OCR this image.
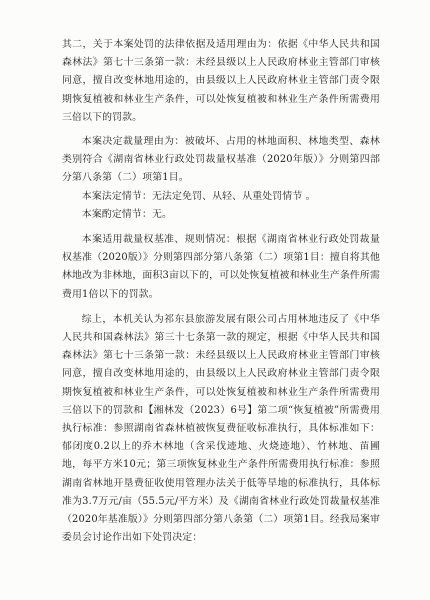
其二，关于本案处罚的法律依据及适用理由为：依据《中华人民共和国森林法》第七十三条第一款：未经县级以上人民政府林业主管部门审核同意，擅自改变林地用途的，由县级以上人民政府林业主管部门责令限期恢复植被和林业生产条件，可以处恢复植被和林业生产条件所需费用三倍以下的罚款。

本案决定裁量理由为：被破坏、占用的林地面积、林地类型、森林类别符合《湖南省林业行政处罚裁量权基准（2020年版）》分则第四部分第八条第（二）项第1目。

本案法定情节：无法定免罚、从轻、从重处罚情节 。

本案酌定情节：无。

本案适用裁量权基准、规则情况：根据《湖南省林业行政处罚裁量权基准（2020版）》分则第四部分第八条第（二）项第1目：擅自将其他林地改为非林地，面积3亩以下的，可以处恢复植被和林业生产条件所需费用1倍以下的罚款。

综上，本机关认为祁东县旅游发展有限公司占用林地违反了《中华人民共和国森林法》第三十七条第一款的规定，根据《中华人民共和国森林法》第七十三条第一款：未经县级以上人民政府林业主管部门审核同意，擅自改变林地用途的，由县级以上人民政府林业主管部门责令限期恢复植被和林业生产条件，可以处恢复植被和林业生产条件所需费用三倍以下的罚款和【湘林发（2023）6号】第二项“恢复植被”所需费用执行标准：参照湖南省森林植被恢复费征收标准执行，具体标准如下：郁闭度0.2以上的乔木林地（含采伐迹地、火烧迹地）、竹林地、苗圃地，每平方米10元；第三项恢复林业生产条件所需费用执行标准：参照湖南省林地开垦费征收使用管理办法关于低等旱地的标准执行，具体标准为3.7万元/亩（55.5元/平方米）及《湖南省林业行政处罚裁量权基准（2020年基准版）》分则第四部分第八条第（二）项第1目。经我局案审委员会讨论作出如下处罚决定：
